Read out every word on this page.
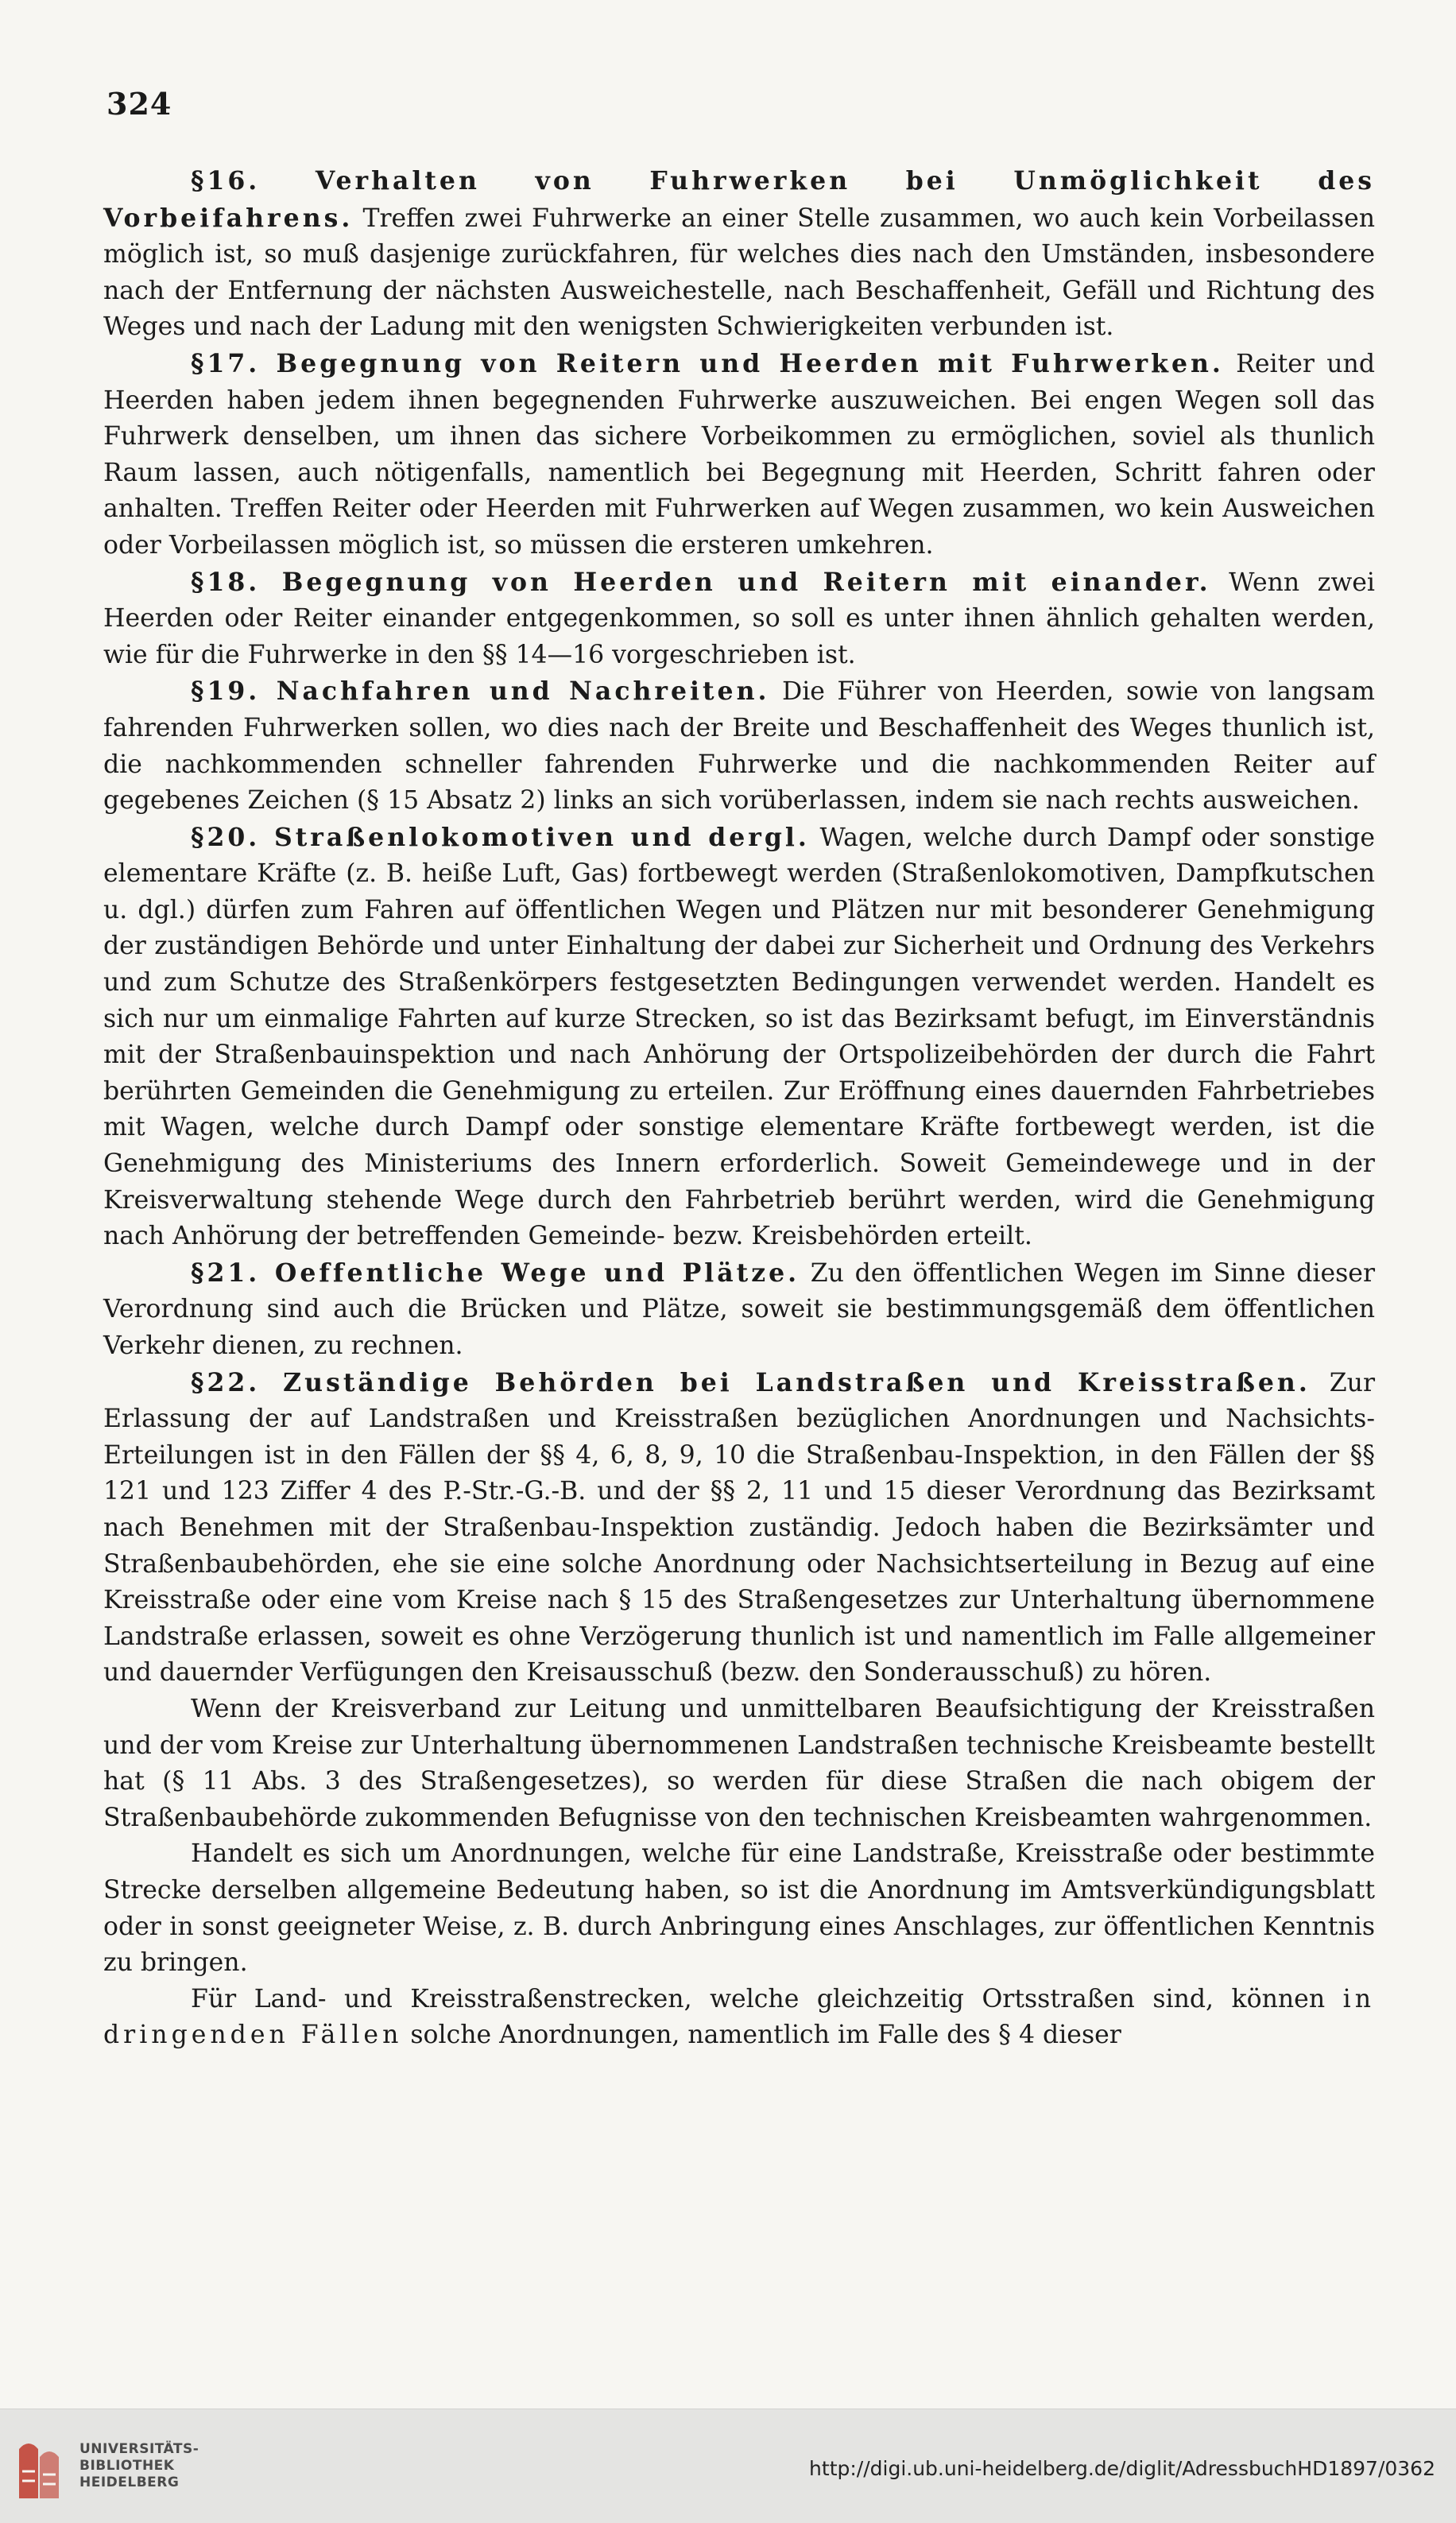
324

§16. Verhalten von Fuhrwerken bei Unmöglichkeit des Vorbeifahrens. Treffen zwei Fuhrwerke an einer Stelle zusammen, wo auch kein Vorbeilassen möglich ist, so muß dasjenige zurückfahren, für welches dies nach den Umständen, insbesondere nach der Entfernung der nächsten Ausweichestelle, nach Beschaffenheit, Gefäll und Richtung des Weges und nach der Ladung mit den wenigsten Schwierigkeiten verbunden ist.

§17. Begegnung von Reitern und Heerden mit Fuhrwerken. Reiter und Heerden haben jedem ihnen begegnenden Fuhrwerke auszuweichen. Bei engen Wegen soll das Fuhrwerk denselben, um ihnen das sichere Vorbeikommen zu ermöglichen, soviel als thunlich Raum lassen, auch nötigenfalls, namentlich bei Begegnung mit Heerden, Schritt fahren oder anhalten. Treffen Reiter oder Heerden mit Fuhrwerken auf Wegen zusammen, wo kein Ausweichen oder Vorbeilassen möglich ist, so müssen die ersteren umkehren.

§18. Begegnung von Heerden und Reitern mit einander. Wenn zwei Heerden oder Reiter einander entgegenkommen, so soll es unter ihnen ähnlich gehalten werden, wie für die Fuhrwerke in den §§ 14—16 vorgeschrieben ist.

§19. Nachfahren und Nachreiten. Die Führer von Heerden, sowie von langsam fahrenden Fuhrwerken sollen, wo dies nach der Breite und Beschaffenheit des Weges thunlich ist, die nachkommenden schneller fahrenden Fuhrwerke und die nachkommenden Reiter auf gegebenes Zeichen (§ 15 Absatz 2) links an sich vorüberlassen, indem sie nach rechts ausweichen.

§20. Straßenlokomotiven und dergl. Wagen, welche durch Dampf oder sonstige elementare Kräfte (z. B. heiße Luft, Gas) fortbewegt werden (Straßenlokomotiven, Dampfkutschen u. dgl.) dürfen zum Fahren auf öffentlichen Wegen und Plätzen nur mit besonderer Genehmigung der zuständigen Behörde und unter Einhaltung der dabei zur Sicherheit und Ordnung des Verkehrs und zum Schutze des Straßenkörpers festgesetzten Bedingungen verwendet werden. Handelt es sich nur um einmalige Fahrten auf kurze Strecken, so ist das Bezirksamt befugt, im Einverständnis mit der Straßenbauinspektion und nach Anhörung der Ortspolizeibehörden der durch die Fahrt berührten Gemeinden die Genehmigung zu erteilen. Zur Eröffnung eines dauernden Fahrbetriebes mit Wagen, welche durch Dampf oder sonstige elementare Kräfte fortbewegt werden, ist die Genehmigung des Ministeriums des Innern erforderlich. Soweit Gemeindewege und in der Kreisverwaltung stehende Wege durch den Fahrbetrieb berührt werden, wird die Genehmigung nach Anhörung der betreffenden Gemeinde- bezw. Kreisbehörden erteilt.

§21. Oeffentliche Wege und Plätze. Zu den öffentlichen Wegen im Sinne dieser Verordnung sind auch die Brücken und Plätze, soweit sie bestimmungsgemäß dem öffentlichen Verkehr dienen, zu rechnen.

§22. Zuständige Behörden bei Landstraßen und Kreisstraßen. Zur Erlassung der auf Landstraßen und Kreisstraßen bezüglichen Anordnungen und Nachsichts-Erteilungen ist in den Fällen der §§ 4, 6, 8, 9, 10 die Straßenbau-Inspektion, in den Fällen der §§ 121 und 123 Ziffer 4 des P.-Str.-G.-B. und der §§ 2, 11 und 15 dieser Verordnung das Bezirksamt nach Benehmen mit der Straßenbau-Inspektion zuständig. Jedoch haben die Bezirksämter und Straßenbaubehörden, ehe sie eine solche Anordnung oder Nachsichtserteilung in Bezug auf eine Kreisstraße oder eine vom Kreise nach § 15 des Straßengesetzes zur Unterhaltung übernommene Landstraße erlassen, soweit es ohne Verzögerung thunlich ist und namentlich im Falle allgemeiner und dauernder Verfügungen den Kreisausschuß (bezw. den Sonderausschuß) zu hören.

Wenn der Kreisverband zur Leitung und unmittelbaren Beaufsichtigung der Kreisstraßen und der vom Kreise zur Unterhaltung übernommenen Landstraßen technische Kreisbeamte bestellt hat (§ 11 Abs. 3 des Straßengesetzes), so werden für diese Straßen die nach obigem der Straßenbaubehörde zukommenden Befugnisse von den technischen Kreisbeamten wahrgenommen.

Handelt es sich um Anordnungen, welche für eine Landstraße, Kreisstraße oder bestimmte Strecke derselben allgemeine Bedeutung haben, so ist die Anordnung im Amtsverkündigungsblatt oder in sonst geeigneter Weise, z. B. durch Anbringung eines Anschlages, zur öffentlichen Kenntnis zu bringen.

Für Land- und Kreisstraßenstrecken, welche gleichzeitig Ortsstraßen sind, können in dringenden Fällen solche Anordnungen, namentlich im Falle des § 4 dieser

UNIVERSITÄTS-
BIBLIOTHEK
HEIDELBERG
http://digi.ub.uni-heidelberg.de/diglit/AdressbuchHD1897/0362
